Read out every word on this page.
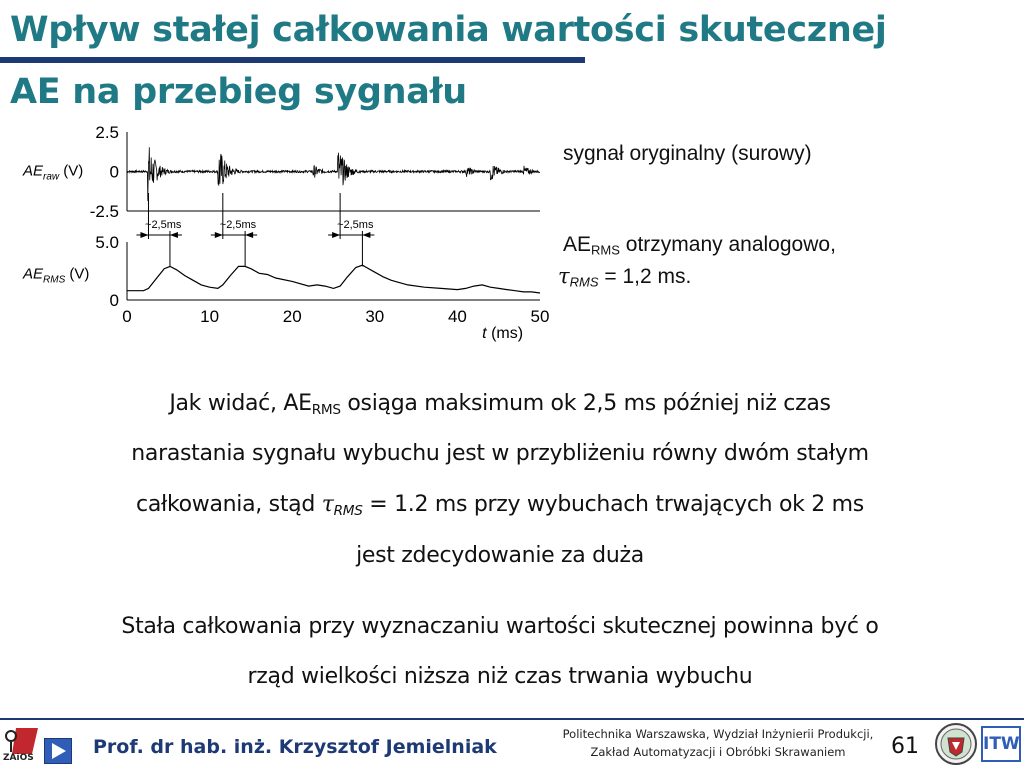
Wpływ stałej całkowania wartości skutecznej
AE na przebieg sygnału
2.5
0
-2.5
$AE_{raw}$ (V)
5.0
0
$AE_{RMS}$ (V)
0	10	20	30	40	50
t (ms)
~2,5ms	~2,5ms	~2,5ms
sygnał oryginalny (surowy)
$AE_{RMS}$ otrzymany analogowo,
$\tau_{RMS} = 1,2$ ms.
Jak widać, $AE_{RMS}$ osiąga maksimum ok 2,5 ms później niż czas
narastania sygnału wybuchu jest w przybliżeniu równy dwóm stałym
całkowania, stąd $\tau_{RMS} = 1.2$ ms przy wybuchach trwających ok 2 ms
jest zdecydowanie za duża
Stała całkowania przy wyznaczaniu wartości skutecznej powinna być o
rząd wielkości niższa niż czas trwania wybuchu
ZAiOS	Prof. dr hab. inż. Krzysztof Jemielniak
Politechnika Warszawska, Wydział Inżynierii Produkcji,
Zakład Automatyzacji i Obróbki Skrawaniem	61	ITW
